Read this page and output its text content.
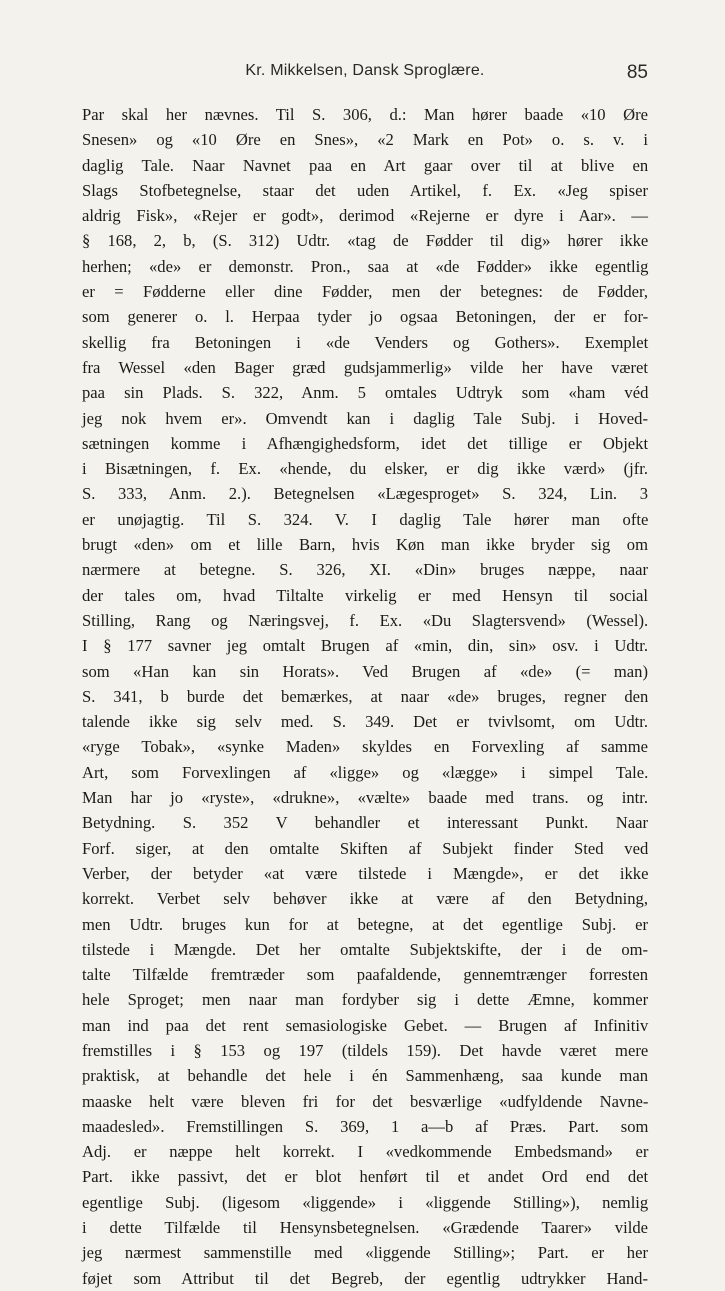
Kr. Mikkelsen, Dansk Sproglære.	85
Par skal her nævnes. Til S. 306, d.: Man hører baade «10 Øre
Snesen» og «10 Øre en Snes», «2 Mark en Pot» o. s. v. i
daglig Tale. Naar Navnet paa en Art gaar over til at blive en
Slags Stofbetegnelse, staar det uden Artikel, f. Ex. «Jeg spiser
aldrig Fisk», «Rejer er godt», derimod «Rejerne er dyre i Aar». —
§ 168, 2, b, (S. 312) Udtr. «tag de Fødder til dig» hører ikke
herhen; «de» er demonstr. Pron., saa at «de Fødder» ikke egentlig
er = Fødderne eller dine Fødder, men der betegnes: de Fødder,
som generer o. l. Herpaa tyder jo ogsaa Betoningen, der er for-
skellig fra Betoningen i «de Venders og Gothers». Exemplet
fra Wessel «den Bager græd gudsjammerlig» vilde her have været
paa sin Plads. S. 322, Anm. 5 omtales Udtryk som «ham véd
jeg nok hvem er». Omvendt kan i daglig Tale Subj. i Hoved-
sætningen komme i Afhængighedsform, idet det tillige er Objekt
i Bisætningen, f. Ex. «hende, du elsker, er dig ikke værd» (jfr.
S. 333, Anm. 2.). Betegnelsen «Lægesproget» S. 324, Lin. 3
er unøjagtig. Til S. 324. V. I daglig Tale hører man ofte
brugt «den» om et lille Barn, hvis Køn man ikke bryder sig om
nærmere at betegne. S. 326, XI. «Din» bruges næppe, naar
der tales om, hvad Tiltalte virkelig er med Hensyn til social
Stilling, Rang og Næringsvej, f. Ex. «Du Slagtersvend» (Wessel).
I § 177 savner jeg omtalt Brugen af «min, din, sin» osv. i Udtr.
som «Han kan sin Horats». Ved Brugen af «de» (= man)
S. 341, b burde det bemærkes, at naar «de» bruges, regner den
talende ikke sig selv med. S. 349. Det er tvivlsomt, om Udtr.
«ryge Tobak», «synke Maden» skyldes en Forvexling af samme
Art, som Forvexlingen af «ligge» og «lægge» i simpel Tale.
Man har jo «ryste», «drukne», «vælte» baade med trans. og intr.
Betydning. S. 352 V behandler et interessant Punkt. Naar
Forf. siger, at den omtalte Skiften af Subjekt finder Sted ved
Verber, der betyder «at være tilstede i Mængde», er det ikke
korrekt. Verbet selv behøver ikke at være af den Betydning,
men Udtr. bruges kun for at betegne, at det egentlige Subj. er
tilstede i Mængde. Det her omtalte Subjektskifte, der i de om-
talte Tilfælde fremtræder som paafaldende, gennemtrænger forresten
hele Sproget; men naar man fordyber sig i dette Æmne, kommer
man ind paa det rent semasiologiske Gebet. — Brugen af Infinitiv
fremstilles i § 153 og 197 (tildels 159). Det havde været mere
praktisk, at behandle det hele i én Sammenhæng, saa kunde man
maaske helt være bleven fri for det besværlige «udfyldende Navne-
maadesled». Fremstillingen S. 369, 1 a—b af Præs. Part. som
Adj. er næppe helt korrekt. I «vedkommende Embedsmand» er
Part. ikke passivt, det er blot henført til et andet Ord end det
egentlige Subj. (ligesom «liggende» i «liggende Stilling»), nemlig
i dette Tilfælde til Hensynsbetegnelsen. «Grædende Taarer» vilde
jeg nærmest sammenstille med «liggende Stilling»; Part. er her
føjet som Attribut til det Begreb, der egentlig udtrykker Hand-
